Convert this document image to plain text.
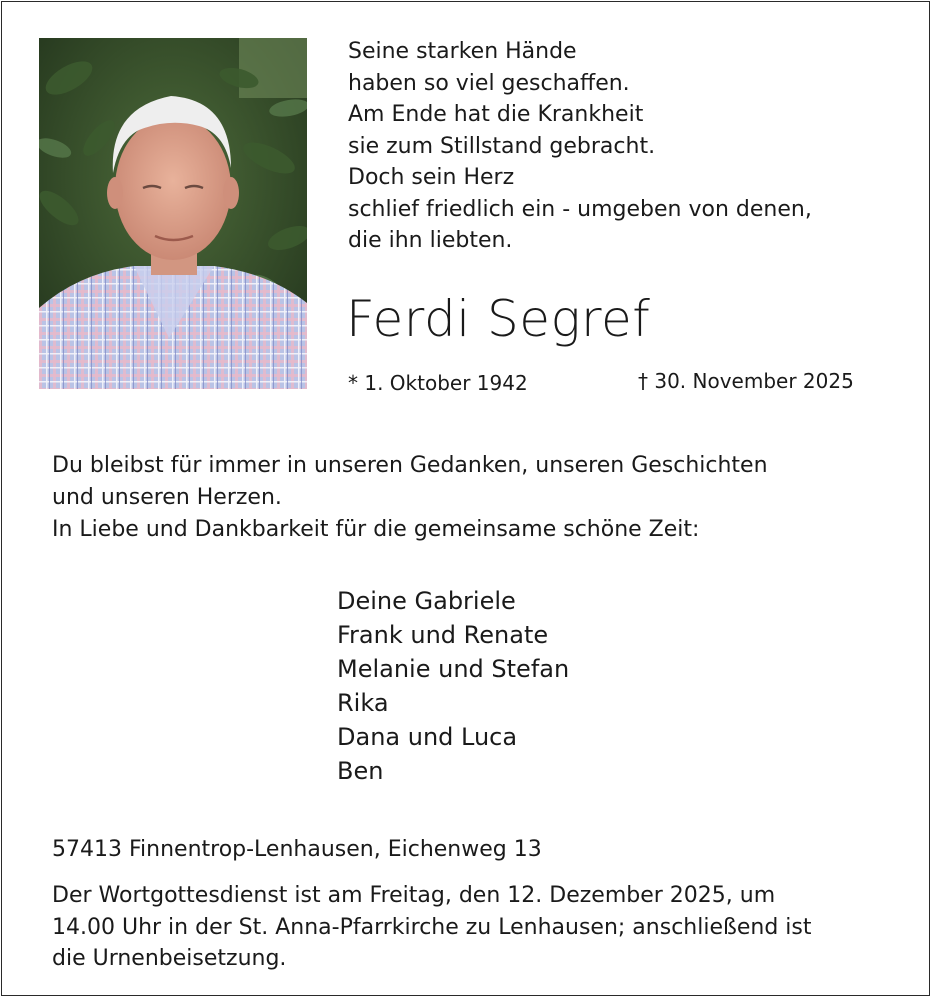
Seine starken Hände
haben so viel geschaffen.
Am Ende hat die Krankheit
sie zum Stillstand gebracht.
Doch sein Herz
schlief friedlich ein - umgeben von denen,
die ihn liebten.
Ferdi Segref
* 1. Oktober 1942	† 30. November 2025
Du bleibst für immer in unseren Gedanken, unseren Geschichten
und unseren Herzen.
In Liebe und Dankbarkeit für die gemeinsame schöne Zeit:
Deine Gabriele
Frank und Renate
Melanie und Stefan
Rika
Dana und Luca
Ben
57413 Finnentrop-Lenhausen, Eichenweg 13
Der Wortgottesdienst ist am Freitag, den 12. Dezember 2025, um
14.00 Uhr in der St. Anna-Pfarrkirche zu Lenhausen; anschließend ist
die Urnenbeisetzung.
